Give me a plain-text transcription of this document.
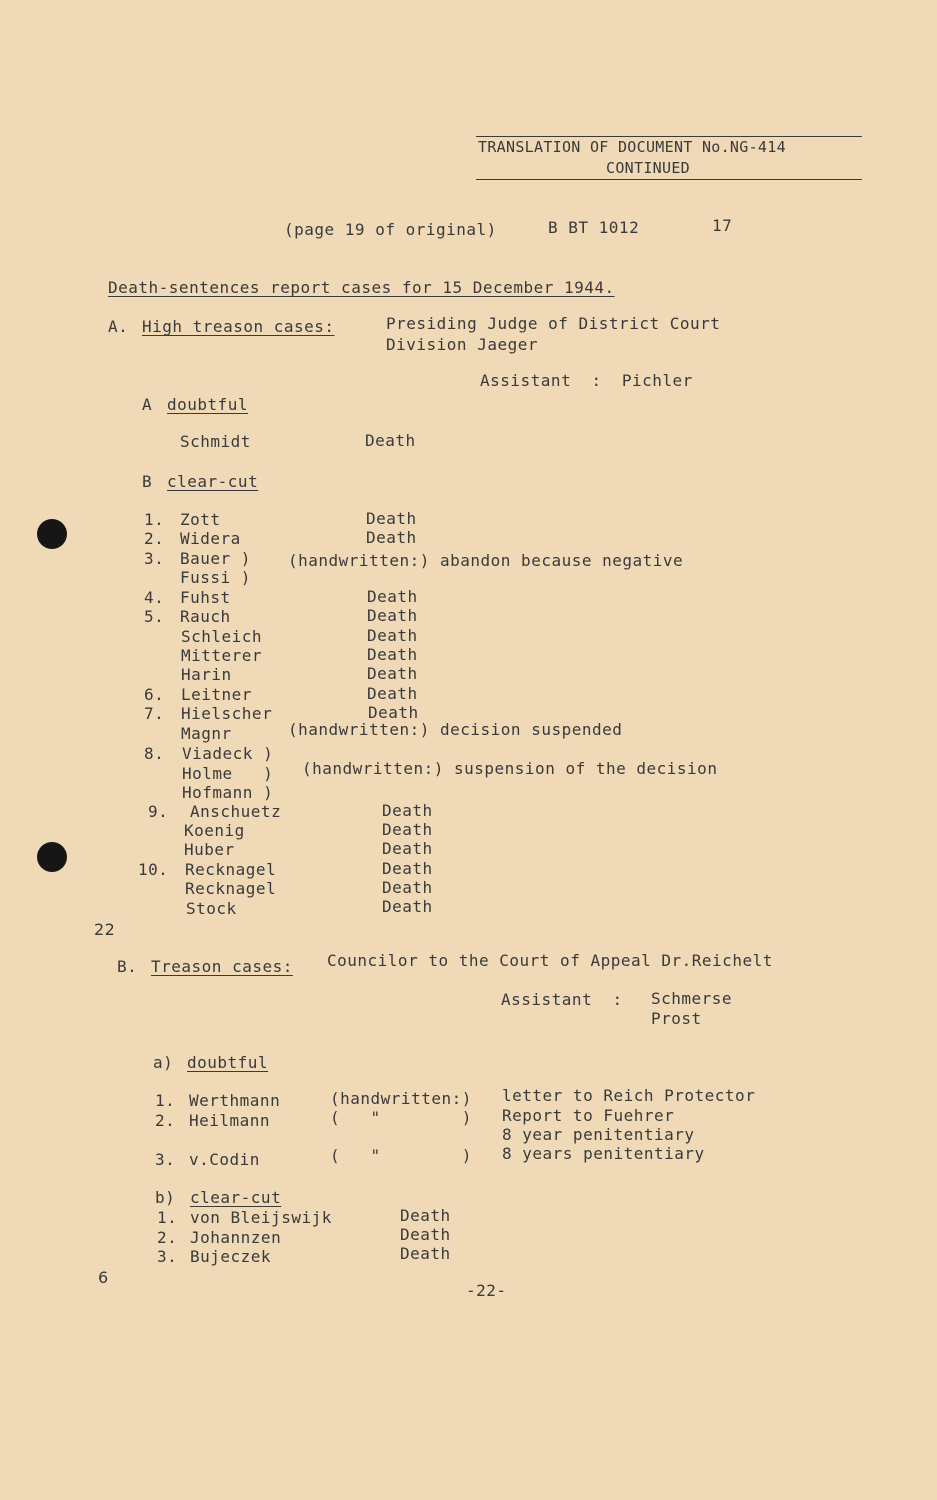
TRANSLATION OF DOCUMENT No.NG-414
CONTINUED
(page 19 of original)	B BT 1012	17
Death-sentences report cases for 15 December 1944.
A. High treason cases:	Presiding Judge of District Court
Division Jaeger
Assistant  :  Pichler
A doubtful
Schmidt	Death
B clear-cut
1. Zott	Death
2. Widera	Death
3. Bauer ) (handwritten:) abandon because negative
Fussi )
4. Fuhst	Death
5. Rauch	Death
Schleich	Death
Mitterer	Death
Harin	Death
6. Leitner	Death
7. Hielscher	Death
Magnr	(handwritten:) decision suspended
8. Viadeck )
Holme   ) (handwritten:) suspension of the decision
Hofmann )
9. Anschuetz	Death
Koenig	Death
Huber	Death
10. Recknagel	Death
Recknagel	Death
Stock	Death
22
B. Treason cases: Councilor to the Court of Appeal Dr.Reichelt
Assistant  : Schmerse
Prost
a) doubtful
1. Werthmann	(handwritten:) letter to Reich Protector
2. Heilmann	(   "        ) Report to Fuehrer
8 year penitentiary
3. v.Codin	(   "        ) 8 years penitentiary
b) clear-cut
1. von Bleijswijk	Death
2. Johannzen	Death
3. Bujeczek	Death
6
-22-
